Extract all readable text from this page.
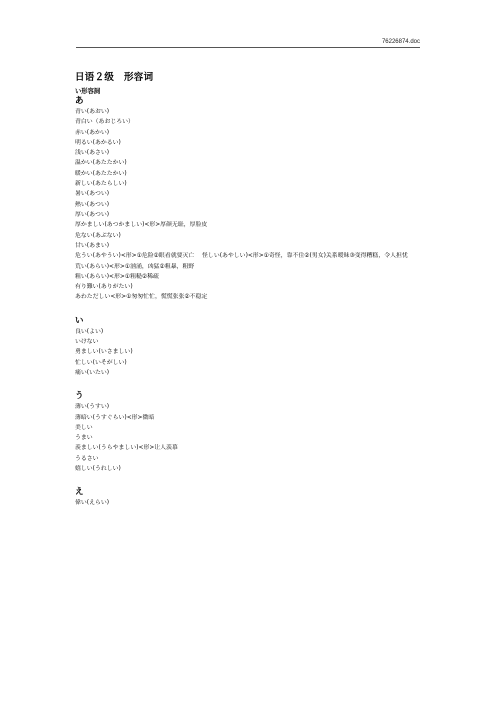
76226874.doc
日语２级　形容词
い形容詞
あ
青い(あおい)
青白い（あおじろい）
赤い(あかい)
明るい(あかるい)
浅い(あさい)
温かい(あたたかい)
暖かい(あたたかい)
新しい(あたらしい)
暑い(あつい)
熱い(あつい)
厚い(あつい)
厚かましい(あつかましい)<形>厚颜无耻，厚脸皮
危ない(あぶない)
甘い(あまい)
危うい(あやうい)<形>①危险②眼看就要灭亡　 怪しい(あやしい)<形>①奇怪，靠不住②(男女)关系暧昧③变得糟糕，令人担忧
荒い(あらい)<形>①汹涌，凶猛②粗暴，粗野
粗い(あらい)<形>①粗糙②稀疏
有り難い(ありがたい)
あわただしい<形>①匆匆忙忙，慌慌张张②不稳定
い
良い(よい)
いけない
勇ましい(いさましい)
忙しい(いそがしい)
痛い(いたい)
う
薄い(うすい)
薄暗い(うすぐらい)<形>微暗
美しい
うまい
羨ましい(うらやましい)<形>让人羡慕
うるさい
嬉しい(うれしい)
え
偉い(えらい)
